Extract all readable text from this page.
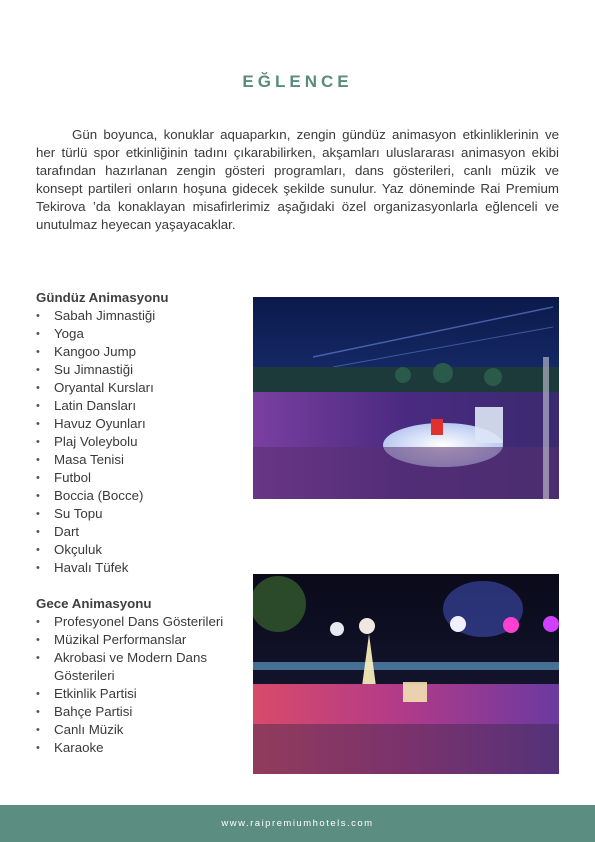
EĞLENCE
Gün boyunca, konuklar aquaparkın, zengin gündüz animasyon etkinliklerinin ve her türlü spor etkinliğinin tadını çıkarabilirken, akşamları uluslararası animasyon ekibi tarafından hazırlanan zengin gösteri programları, dans gösterileri, canlı müzik ve konsept partileri onların hoşuna gidecek şekilde sunulur. Yaz döneminde Rai Premium Tekirova ’da konaklayan misafirlerimiz aşağıdaki özel organizasyonlarla eğlenceli ve unutulmaz heyecan yaşayacaklar.
Gündüz Animasyonu
• Sabah Jimnastiği
• Yoga
• Kangoo Jump
• Su Jimnastiği
• Oryantal Kursları
• Latin Dansları
• Havuz Oyunları
• Plaj Voleybolu
• Masa Tenisi
• Futbol
• Boccia (Bocce)
• Su Topu
• Dart
• Okçuluk
• Havalı Tüfek
Gece Animasyonu
• Profesyonel Dans Gösterileri
• Müzikal Performanslar
• Akrobasi ve Modern Dans Gösterileri
• Etkinlik Partisi
• Bahçe Partisi
• Canlı Müzik
• Karaoke
www.raipremiumhotels.com
